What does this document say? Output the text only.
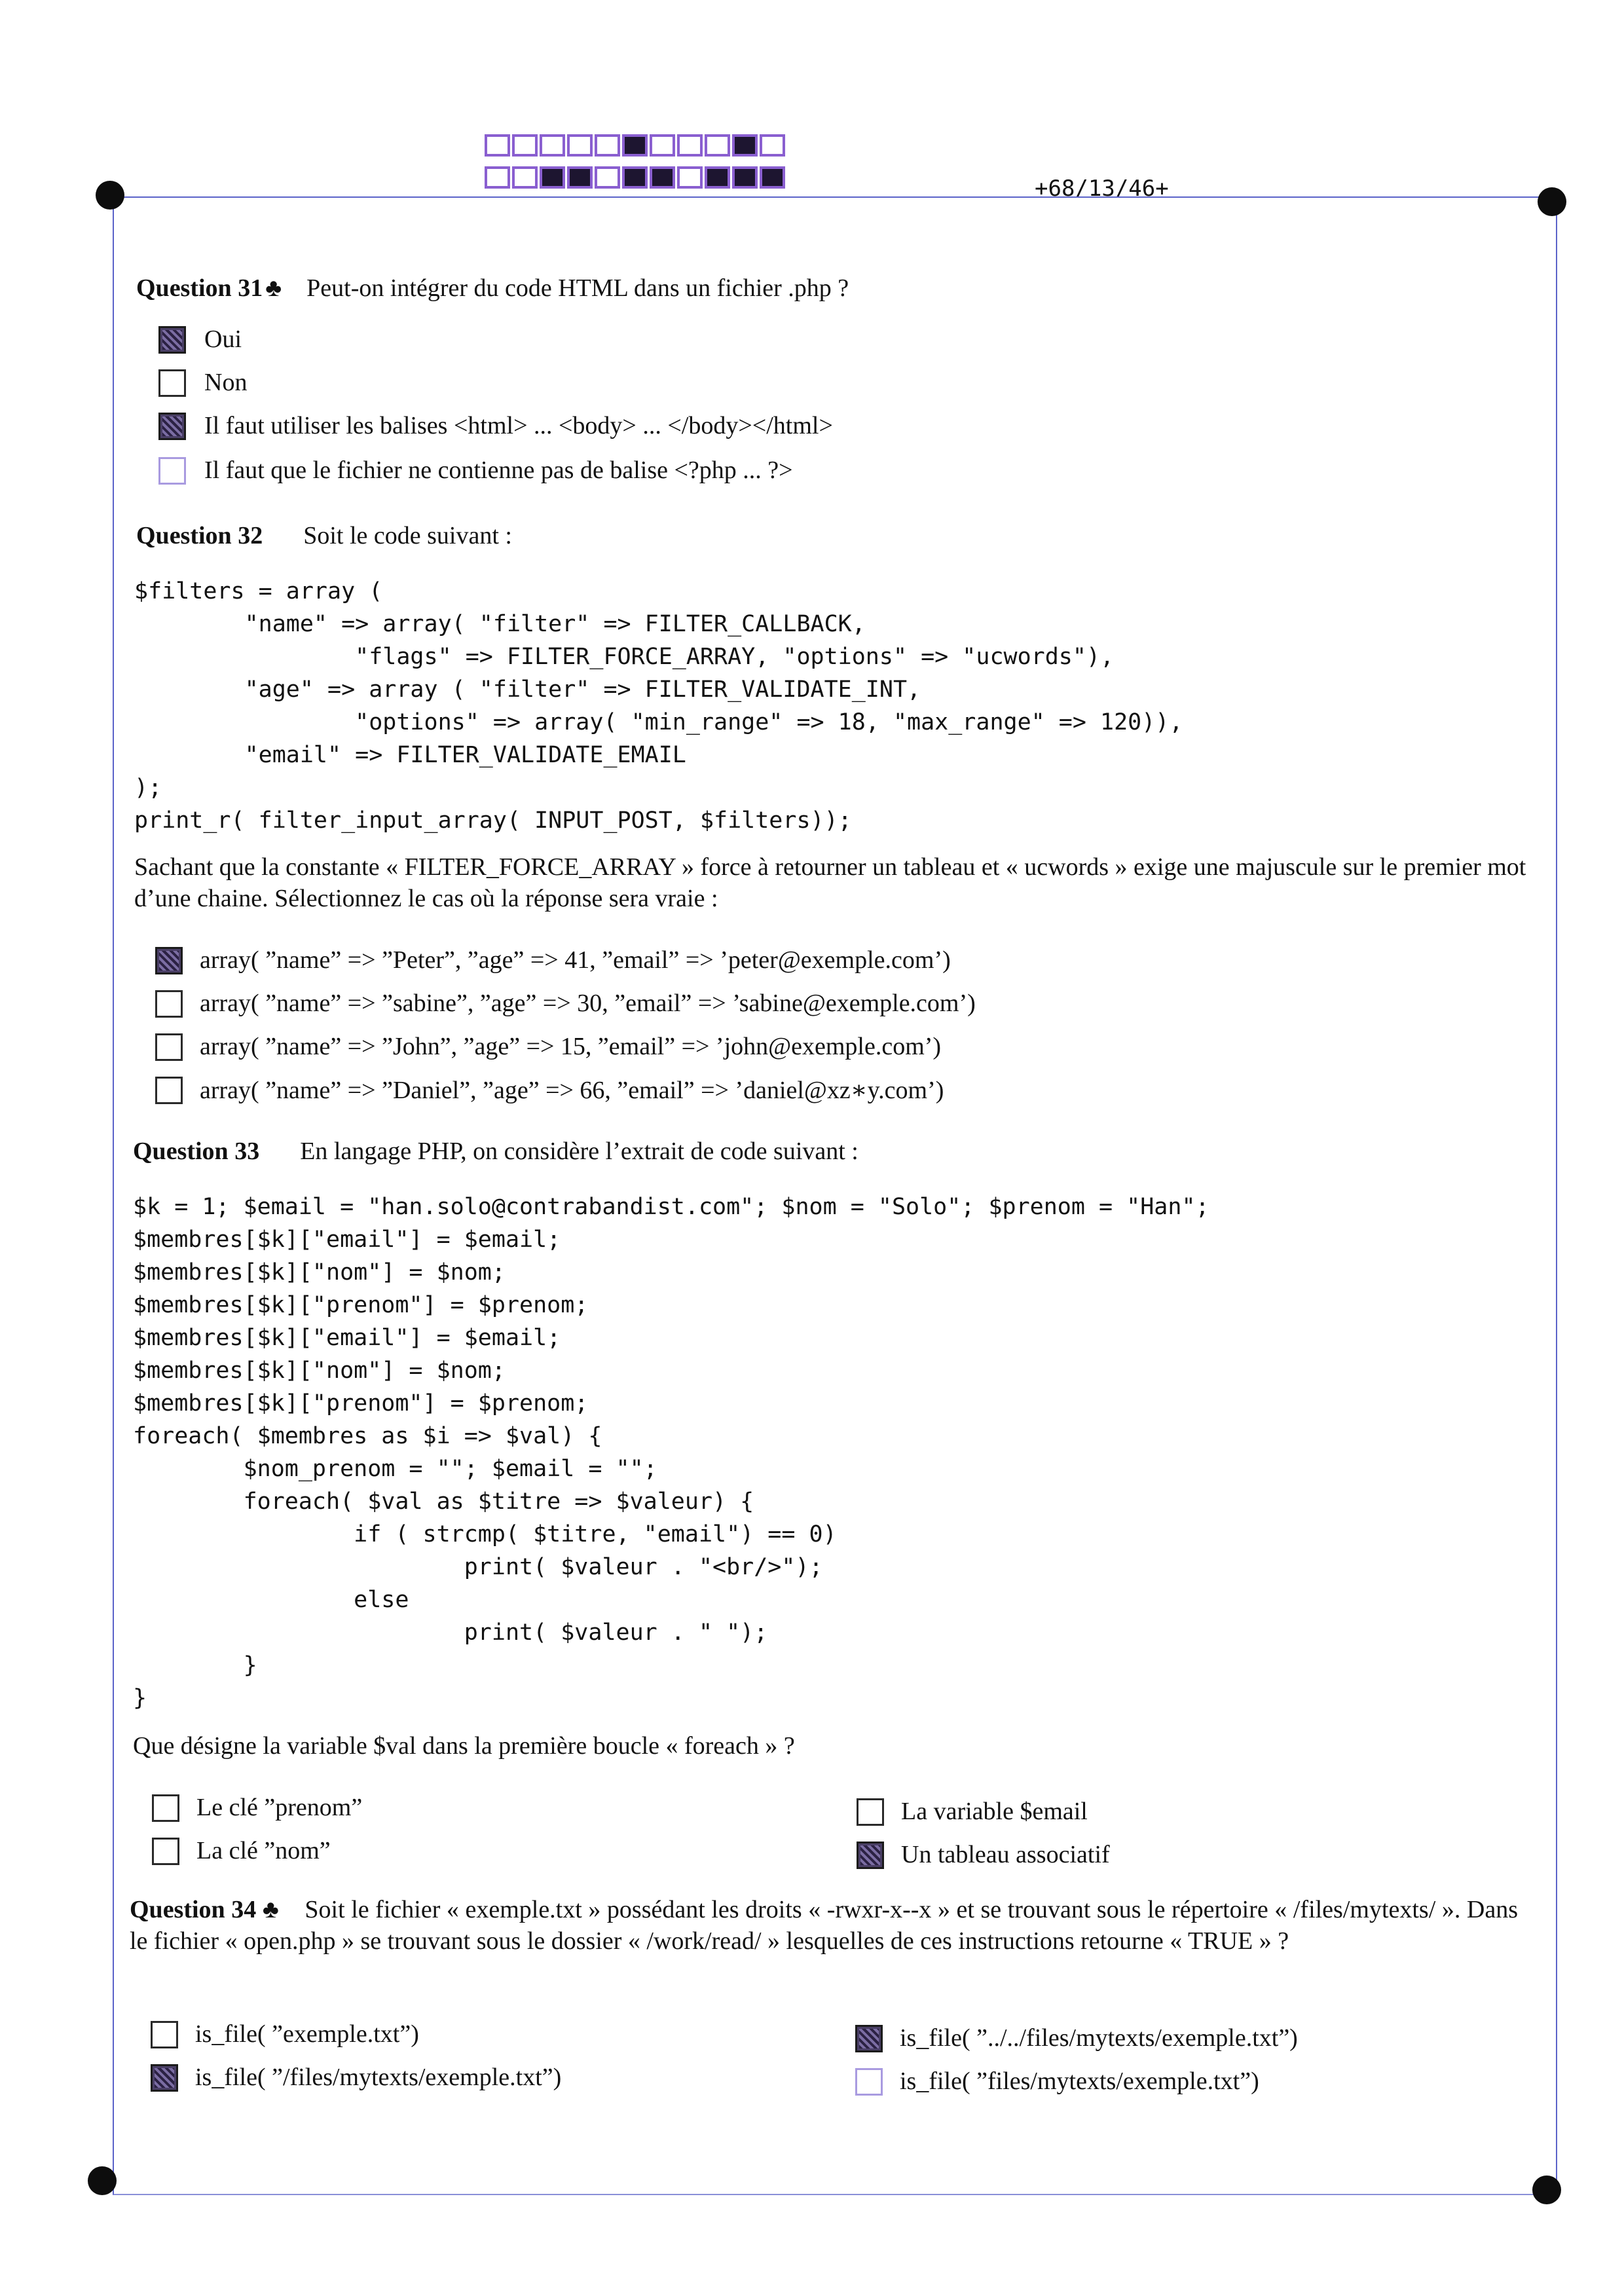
+68/13/46+
Question 31 ♣ Peut-on intégrer du code HTML dans un fichier .php ?
Oui
Non
Il faut utiliser les balises <html> ... <body> ... </body></html>
Il faut que le fichier ne contienne pas de balise <?php ... ?>
Question 32 Soit le code suivant :
$filters = array (
"name" => array( "filter" => FILTER_CALLBACK,
"flags" => FILTER_FORCE_ARRAY, "options" => "ucwords"),
"age" => array ( "filter" => FILTER_VALIDATE_INT,
"options" => array( "min_range" => 18, "max_range" => 120)),
"email" => FILTER_VALIDATE_EMAIL
);
print_r( filter_input_array( INPUT_POST, $filters));
Sachant que la constante « FILTER_FORCE_ARRAY » force à retourner un tableau et « ucwords » exige une majuscule sur le premier mot d’une chaine. Sélectionnez le cas où la réponse sera vraie :
array( ”name” => ”Peter”, ”age” => 41, ”email” => ’peter@exemple.com’)
array( ”name” => ”sabine”, ”age” => 30, ”email” => ’sabine@exemple.com’)
array( ”name” => ”John”, ”age” => 15, ”email” => ’john@exemple.com’)
array( ”name” => ”Daniel”, ”age” => 66, ”email” => ’daniel@xz∗y.com’)
Question 33 En langage PHP, on considère l’extrait de code suivant :
$k = 1; $email = "han.solo@contrabandist.com"; $nom = "Solo"; $prenom = "Han";
$membres[$k]["email"] = $email;
$membres[$k]["nom"] = $nom;
$membres[$k]["prenom"] = $prenom;
$membres[$k]["email"] = $email;
$membres[$k]["nom"] = $nom;
$membres[$k]["prenom"] = $prenom;
foreach( $membres as $i => $val) {
$nom_prenom = ""; $email = "";
foreach( $val as $titre => $valeur) {
if ( strcmp( $titre, "email") == 0)
print( $valeur . "<br/>");
else
print( $valeur . " ");
}
}
Que désigne la variable $val dans la première boucle « foreach » ?
Le clé ”prenom”
La clé ”nom”
La variable $email
Un tableau associatif
Question 34 ♣ Soit le fichier « exemple.txt » possédant les droits « -rwxr-x--x » et se trouvant sous le répertoire « /files/mytexts/ ». Dans le fichier « open.php » se trouvant sous le dossier « /work/read/ » lesquelles de ces instructions retourne « TRUE » ?
is_file( ”exemple.txt”)
is_file( ”/files/mytexts/exemple.txt”)
is_file( ”../../files/mytexts/exemple.txt”)
is_file( ”files/mytexts/exemple.txt”)
